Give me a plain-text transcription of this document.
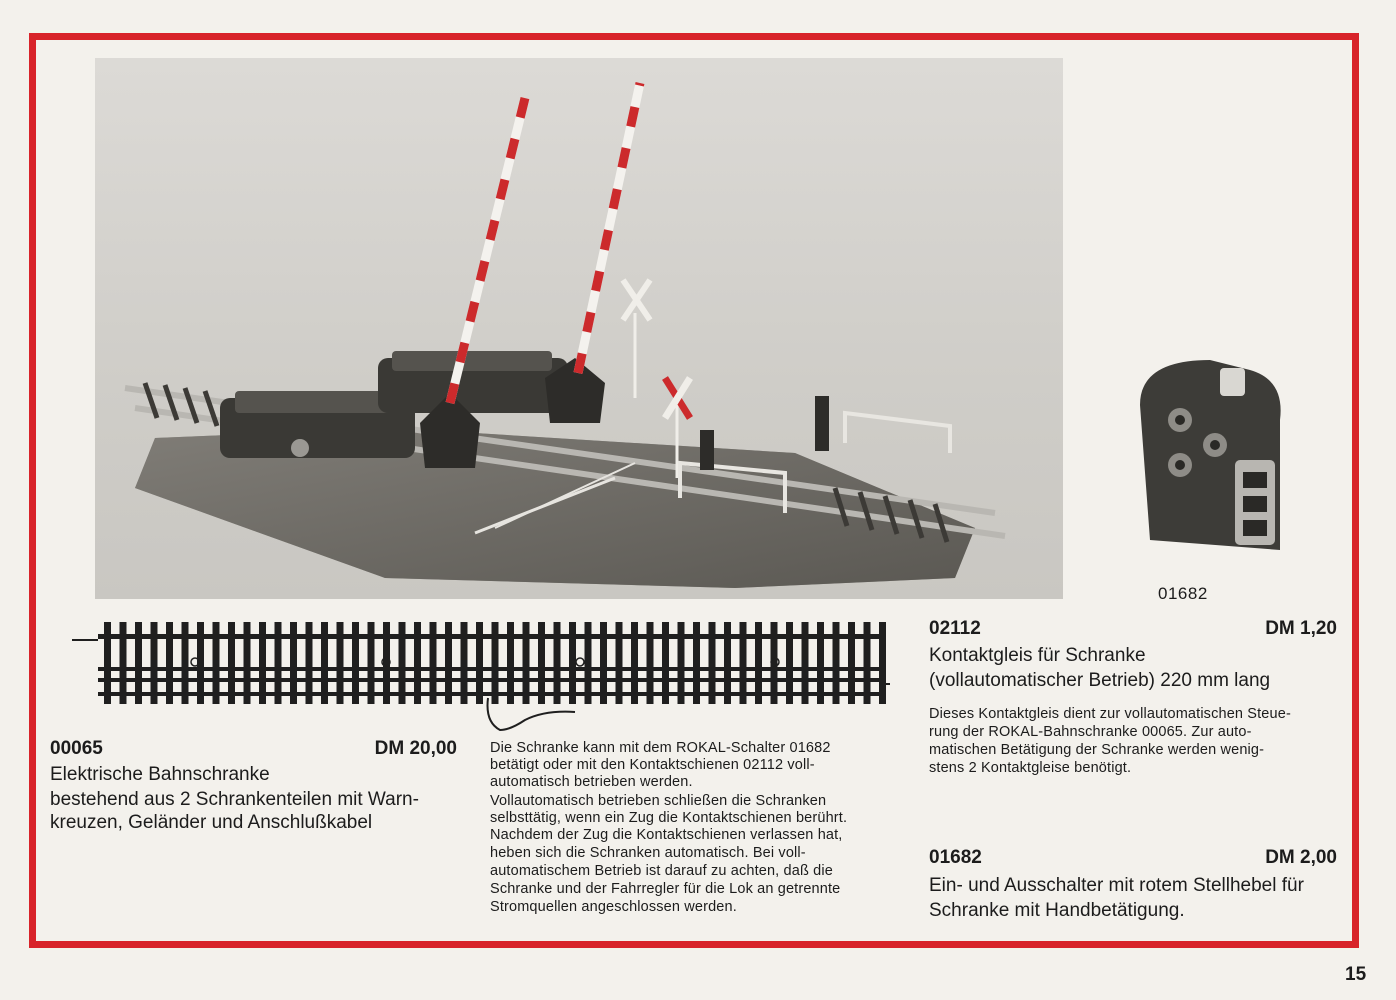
01682

00065	DM 20,00

Elektrische Bahnschranke

bestehend aus 2 Schrankenteilen mit Warn-

kreuzen, Geländer und Anschlußkabel

Die Schranke kann mit dem ROKAL-Schalter 01682

betätigt oder mit den Kontaktschienen 02112 voll-

automatisch betrieben werden.

Vollautomatisch betrieben schließen die Schranken

selbsttätig, wenn ein Zug die Kontaktschienen berührt.

Nachdem der Zug die Kontaktschienen verlassen hat,

heben sich die Schranken automatisch. Bei voll-

automatischem Betrieb ist darauf zu achten, daß die

Schranke und der Fahrregler für die Lok an getrennte

Stromquellen angeschlossen werden.

02112	DM 1,20

Kontaktgleis für Schranke

(vollautomatischer Betrieb) 220 mm lang

Dieses Kontaktgleis dient zur vollautomatischen Steue-

rung der ROKAL-Bahnschranke 00065. Zur auto-

matischen Betätigung der Schranke werden wenig-

stens 2 Kontaktgleise benötigt.

01682	DM 2,00

Ein- und Ausschalter mit rotem Stellhebel für

Schranke mit Handbetätigung.

15
